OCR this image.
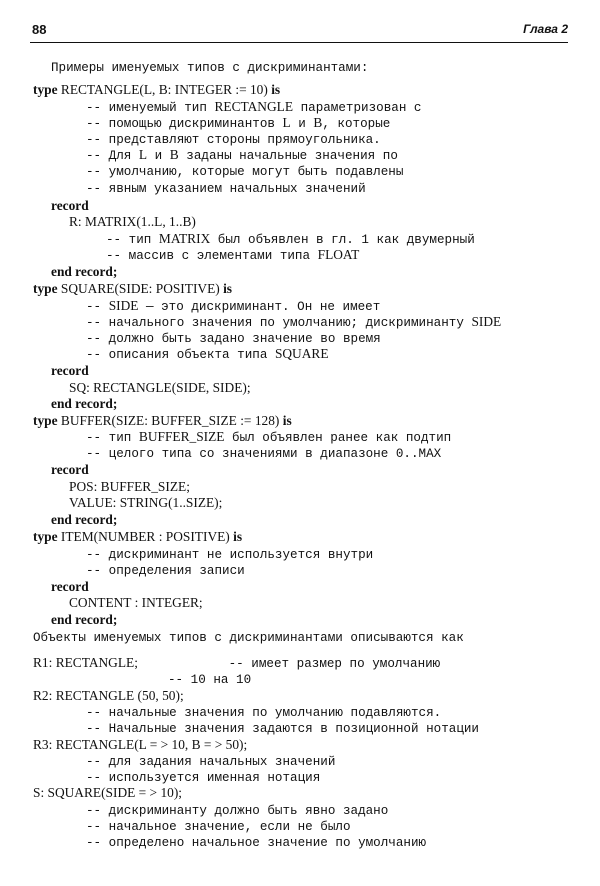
88	Глава 2
Примеры именуемых типов с дискриминантами:
type RECTANGLE(L, B: INTEGER := 10) is
-- именуемый тип RECTANGLE параметризован с
-- помощью дискриминантов L и B, которые
-- представляют стороны прямоугольника.
-- Для L и B заданы начальные значения по
-- умолчанию, которые могут быть подавлены
-- явным указанием начальных значений
record
R: MATRIX(1..L, 1..B)
-- тип MATRIX был объявлен в гл. 1 как двумерный
-- массив с элементами типа FLOAT
end record;
type SQUARE(SIDE: POSITIVE) is
-- SIDE — это дискриминант. Он не имеет
-- начального значения по умолчанию; дискриминанту SIDE
-- должно быть задано значение во время
-- описания объекта типа SQUARE
record
SQ: RECTANGLE(SIDE, SIDE);
end record;
type BUFFER(SIZE: BUFFER_SIZE := 128) is
-- тип BUFFER_SIZE был объявлен ранее как подтип
-- целого типа со значениями в диапазоне 0..MAX
record
POS: BUFFER_SIZE;
VALUE: STRING(1..SIZE);
end record;
type ITEM(NUMBER : POSITIVE) is
-- дискриминант не используется внутри
-- определения записи
record
CONTENT : INTEGER;
end record;
Объекты именуемых типов с дискриминантами описываются как
R1: RECTANGLE;            -- имеет размер по умолчанию
-- 10 на 10
R2: RECTANGLE (50, 50);
-- начальные значения по умолчанию подавляются.
-- Начальные значения задаются в позиционной нотации
R3: RECTANGLE(L = > 10, B = > 50);
-- для задания начальных значений
-- используется именная нотация
S: SQUARE(SIDE = > 10);
-- дискриминанту должно быть явно задано
-- начальное значение, если не было
-- определено начальное значение по умолчанию
